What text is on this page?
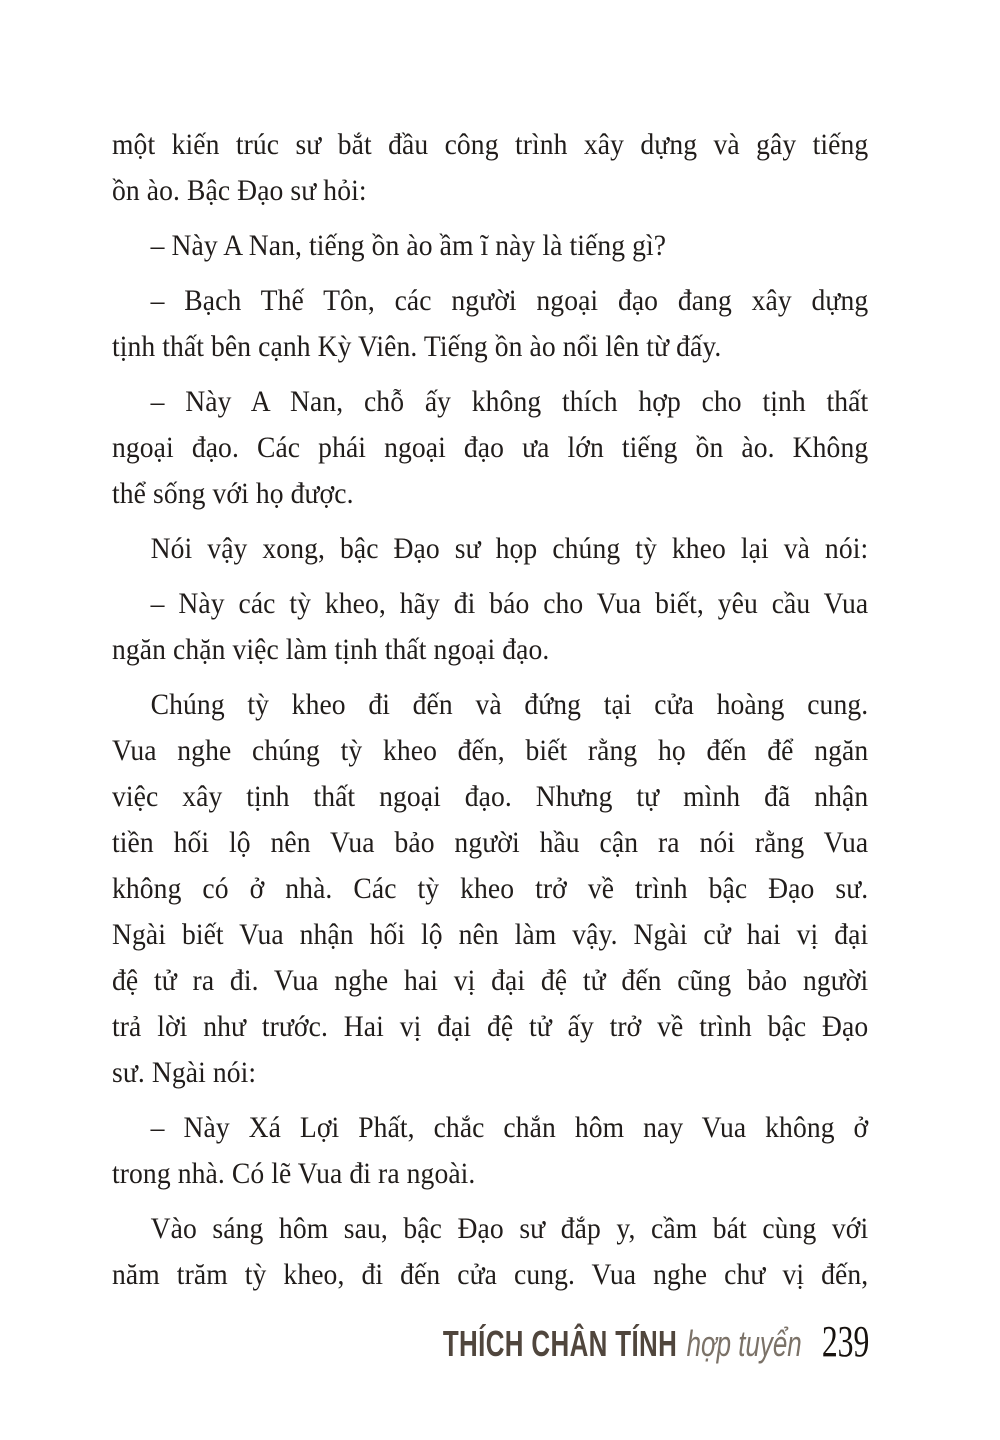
một kiến trúc sư bắt đầu công trình xây dựng và gây tiếng
ồn ào. Bậc Đạo sư hỏi:
– Này A Nan, tiếng ồn ào ầm ĩ này là tiếng gì?
– Bạch Thế Tôn, các người ngoại đạo đang xây dựng
tịnh thất bên cạnh Kỳ Viên. Tiếng ồn ào nổi lên từ đấy.
– Này A Nan, chỗ ấy không thích hợp cho tịnh thất
ngoại đạo. Các phái ngoại đạo ưa lớn tiếng ồn ào. Không
thể sống với họ được.
Nói vậy xong, bậc Đạo sư họp chúng tỳ kheo lại và nói:
– Này các tỳ kheo, hãy đi báo cho Vua biết, yêu cầu Vua
ngăn chặn việc làm tịnh thất ngoại đạo.
Chúng tỳ kheo đi đến và đứng tại cửa hoàng cung.
Vua nghe chúng tỳ kheo đến, biết rằng họ đến để ngăn
việc xây tịnh thất ngoại đạo. Nhưng tự mình đã nhận
tiền hối lộ nên Vua bảo người hầu cận ra nói rằng Vua
không có ở nhà. Các tỳ kheo trở về trình bậc Đạo sư.
Ngài biết Vua nhận hối lộ nên làm vậy. Ngài cử hai vị đại
đệ tử ra đi. Vua nghe hai vị đại đệ tử đến cũng bảo người
trả lời như trước. Hai vị đại đệ tử ấy trở về trình bậc Đạo
sư. Ngài nói:
– Này Xá Lợi Phất, chắc chắn hôm nay Vua không ở
trong nhà. Có lẽ Vua đi ra ngoài.
Vào sáng hôm sau, bậc Đạo sư đắp y, cầm bát cùng với
năm trăm tỳ kheo, đi đến cửa cung. Vua nghe chư vị đến,
THÍCH CHÂN TÍNH hợp tuyển 239
